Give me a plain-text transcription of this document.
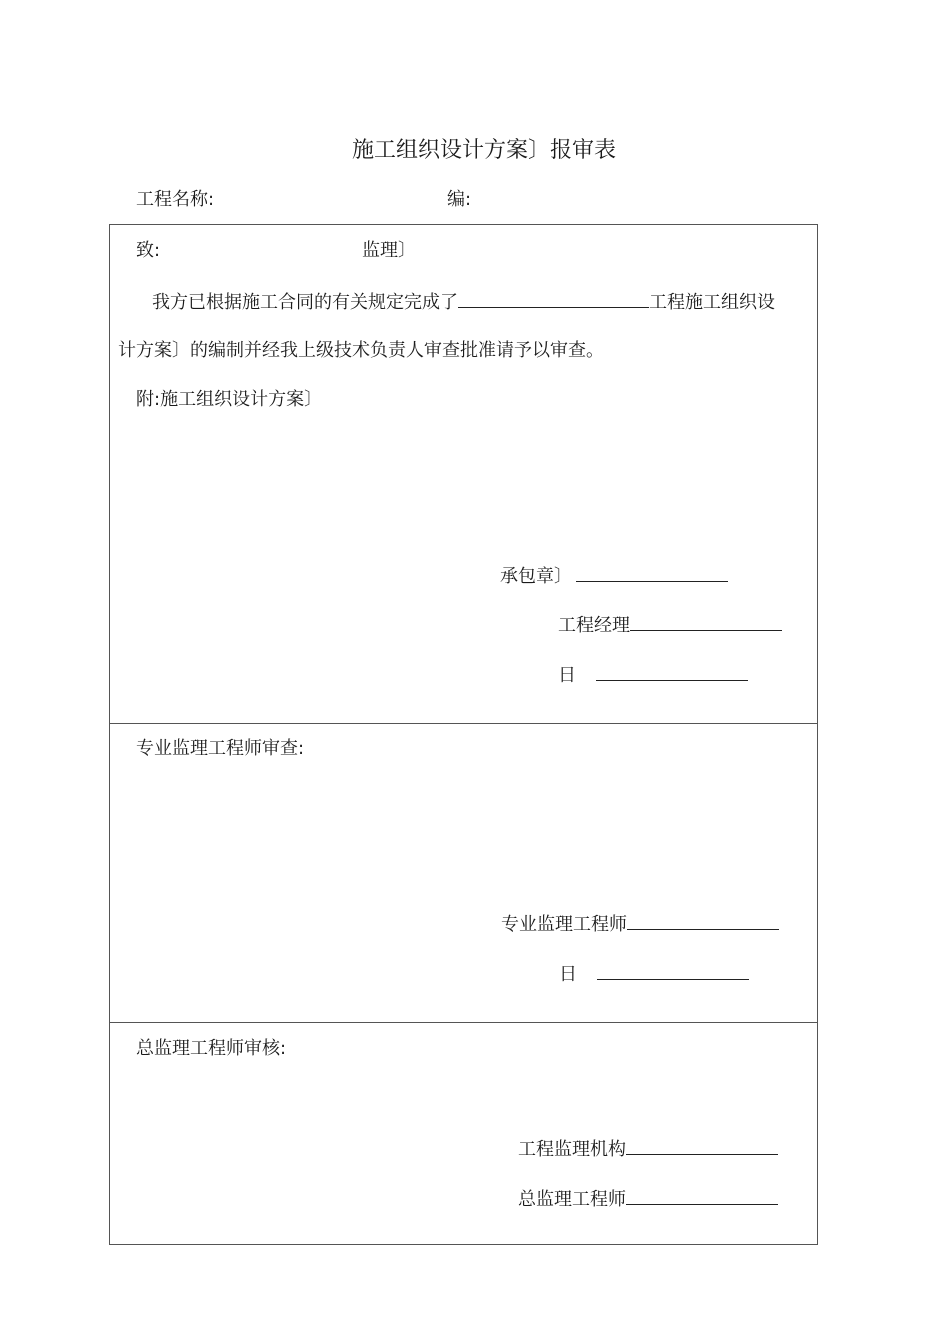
施工组织设计方案〕报审表
工程名称:	编:
致:	监理〕
我方已根据施工合同的有关规定完成了	工程施工组织设
计方案〕的编制并经我上级技术负责人审查批准请予以审查。
附:施工组织设计方案〕
承包章〕
工程经理
日
专业监理工程师审查:
专业监理工程师
日
总监理工程师审核:
工程监理机构
总监理工程师
